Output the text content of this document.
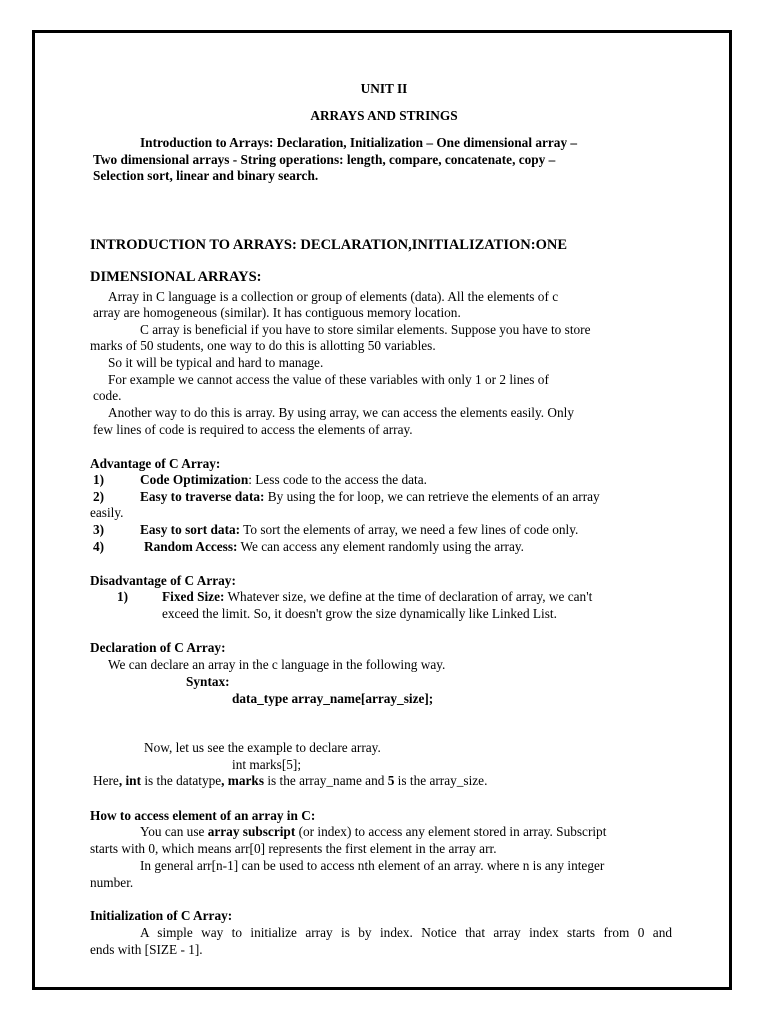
UNIT II
ARRAYS AND STRINGS
Introduction to Arrays: Declaration, Initialization – One dimensional array –
Two dimensional arrays - String operations: length, compare, concatenate, copy –
Selection sort, linear and binary search.
INTRODUCTION TO ARRAYS: DECLARATION,INITIALIZATION:ONE
DIMENSIONAL ARRAYS:
Array in C language is a collection or group of elements (data). All the elements of c
array are homogeneous (similar). It has contiguous memory location.
C array is beneficial if you have to store similar elements. Suppose you have to store
marks of 50 students, one way to do this is allotting 50 variables.
So it will be typical and hard to manage.
For example we cannot access the value of these variables with only 1 or 2 lines of
code.
Another way to do this is array. By using array, we can access the elements easily. Only
few lines of code is required to access the elements of array.
Advantage of C Array:
1)	Code Optimization: Less code to the access the data.
2)	Easy to traverse data: By using the for loop, we can retrieve the elements of an array
easily.
3)	Easy to sort data: To sort the elements of array, we need a few lines of code only.
4)	Random Access: We can access any element randomly using the array.
Disadvantage of C Array:
1)	Fixed Size: Whatever size, we define at the time of declaration of array, we can't
exceed the limit. So, it doesn't grow the size dynamically like Linked List.
Declaration of C Array:
We can declare an array in the c language in the following way.
Syntax:
data_type array_name[array_size];
Now, let us see the example to declare array.
int marks[5];
Here, int is the datatype, marks is the array_name and 5 is the array_size.
How to access element of an array in C:
You can use array subscript (or index) to access any element stored in array. Subscript
starts with 0, which means arr[0] represents the first element in the array arr.
In general arr[n-1] can be used to access nth element of an array. where n is any integer
number.
Initialization of C Array:
A simple way to initialize array is by index. Notice that array index starts from 0 and
ends with [SIZE - 1].
